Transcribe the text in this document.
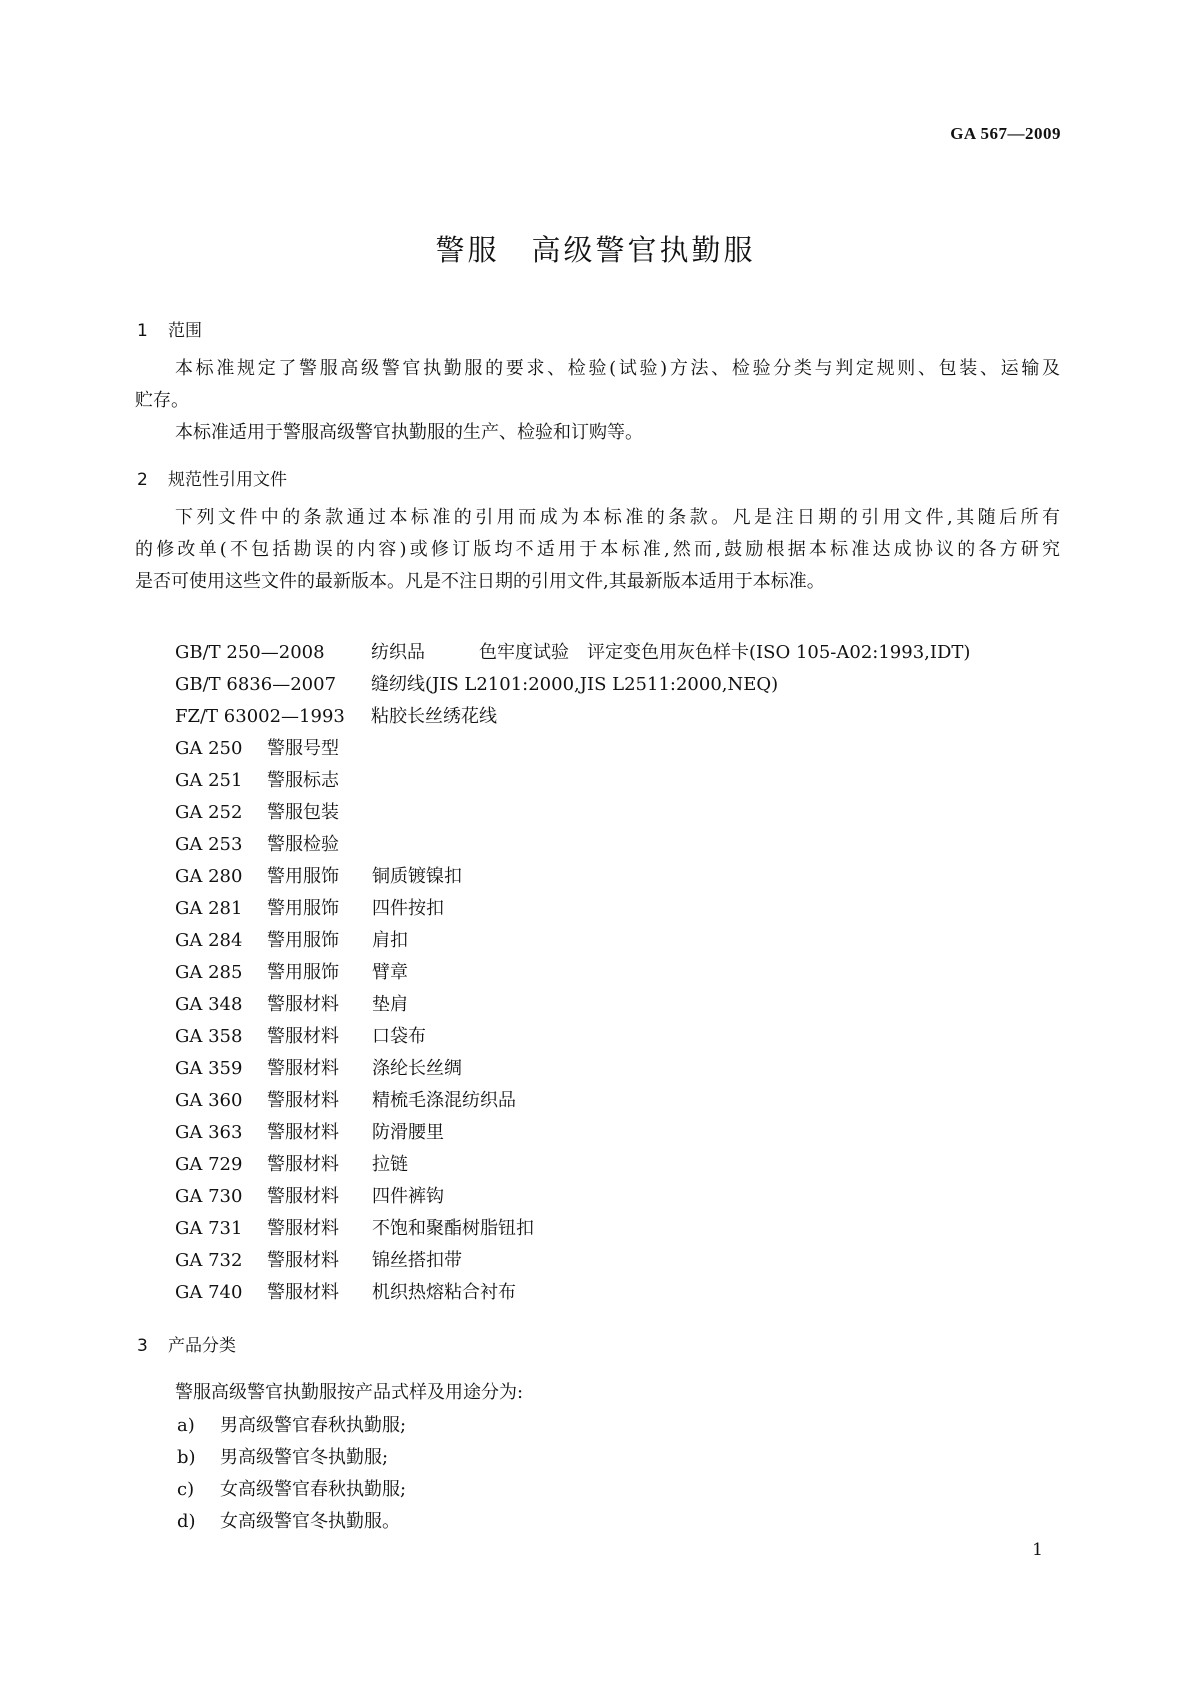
GA 567—2009
警服　高级警官执勤服
1 范围
本标准规定了警服高级警官执勤服的要求、检验(试验)方法、检验分类与判定规则、包装、运输及
贮存。
本标准适用于警服高级警官执勤服的生产、检验和订购等。
2 规范性引用文件
下列文件中的条款通过本标准的引用而成为本标准的条款。凡是注日期的引用文件,其随后所有
的修改单(不包括勘误的内容)或修订版均不适用于本标准,然而,鼓励根据本标准达成协议的各方研究
是否可使用这些文件的最新版本。凡是不注日期的引用文件,其最新版本适用于本标准。
GB/T 250—2008	纺织品	色牢度试验　评定变色用灰色样卡(ISO 105-A02:1993,IDT)
GB/T 6836—2007 缝纫线(JIS L2101:2000,JIS L2511:2000,NEQ)
FZ/T 63002—1993 粘胶长丝绣花线
GA 250 警服号型
GA 251 警服标志
GA 252 警服包装
GA 253 警服检验
GA 280 警用服饰 铜质镀镍扣
GA 281 警用服饰 四件按扣
GA 284 警用服饰 肩扣
GA 285 警用服饰 臂章
GA 348 警服材料 垫肩
GA 358 警服材料 口袋布
GA 359 警服材料 涤纶长丝绸
GA 360 警服材料 精梳毛涤混纺织品
GA 363 警服材料 防滑腰里
GA 729 警服材料 拉链
GA 730 警服材料 四件裤钩
GA 731 警服材料 不饱和聚酯树脂钮扣
GA 732 警服材料 锦丝搭扣带
GA 740 警服材料 机织热熔粘合衬布
3 产品分类
警服高级警官执勤服按产品式样及用途分为:
a) 男高级警官春秋执勤服;
b) 男高级警官冬执勤服;
c) 女高级警官春秋执勤服;
d) 女高级警官冬执勤服。
1
